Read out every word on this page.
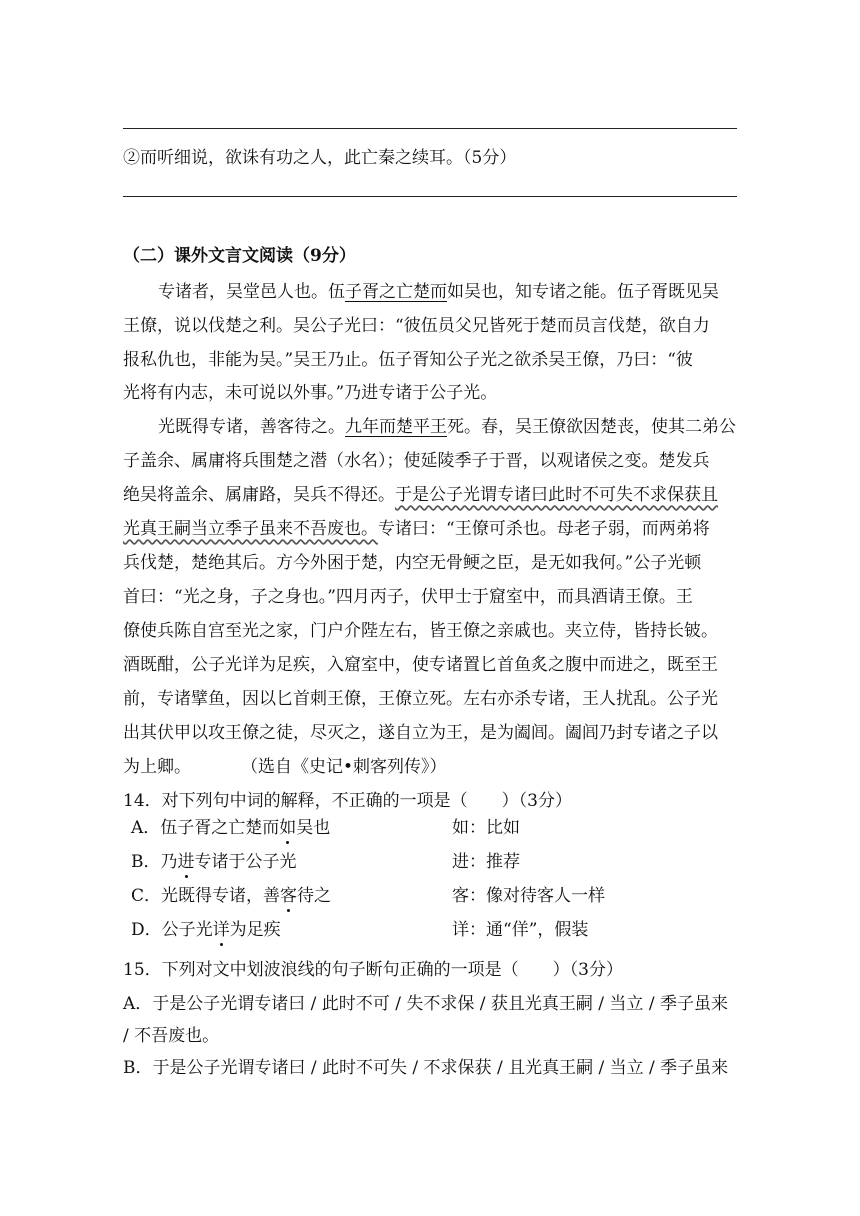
②而听细说，欲诛有功之人，此亡秦之续耳。（5分）
（二）课外文言文阅读（9分）
专诸者，吴堂邑人也。伍子胥之亡楚而如吴也，知专诸之能。伍子胥既见吴
王僚，说以伐楚之利。吴公子光曰：“彼伍员父兄皆死于楚而员言伐楚，欲自力
报私仇也，非能为吴。”吴王乃止。伍子胥知公子光之欲杀吴王僚，乃曰：“彼
光将有内志，未可说以外事。”乃进专诸于公子光。
光既得专诸，善客待之。九年而楚平王死。春，吴王僚欲因楚丧，使其二弟公
子盖余、属庸将兵围楚之潜（水名）；使延陵季子于晋，以观诸侯之变。楚发兵
绝吴将盖余、属庸路，吴兵不得还。于是公子光谓专诸曰此时不可失不求保获且
光真王嗣当立季子虽来不吾废也。专诸曰：“王僚可杀也。母老子弱，而两弟将
兵伐楚，楚绝其后。方今外困于楚，内空无骨鲠之臣，是无如我何。”公子光顿
首曰：“光之身，子之身也。”四月丙子，伏甲士于窟室中，而具酒请王僚。王
僚使兵陈自宫至光之家，门户介陛左右，皆王僚之亲戚也。夹立侍，皆持长铍。
酒既酣，公子光详为足疾，入窟室中，使专诸置匕首鱼炙之腹中而进之，既至王
前，专诸擘鱼，因以匕首刺王僚，王僚立死。左右亦杀专诸，王人扰乱。公子光
出其伏甲以攻王僚之徒，尽灭之，遂自立为王，是为阖闾。阖闾乃封专诸之子以
为上卿。	（选自《史记•刺客列传》）
14．对下列句中词的解释，不正确的一项是（　　）（3分）
A．伍子胥之亡楚而如吴也	如：比如
B．乃进专诸于公子光	进：推荐
C．光既得专诸，善客待之	客：像对待客人一样
D．公子光详为足疾	详：通“佯”，假装
15．下列对文中划波浪线的句子断句正确的一项是（　　）（3分）
A．于是公子光谓专诸曰 / 此时不可 / 失不求保 / 获且光真王嗣 / 当立 / 季子虽来
/ 不吾废也。
B．于是公子光谓专诸曰 / 此时不可失 / 不求保获 / 且光真王嗣 / 当立 / 季子虽来
